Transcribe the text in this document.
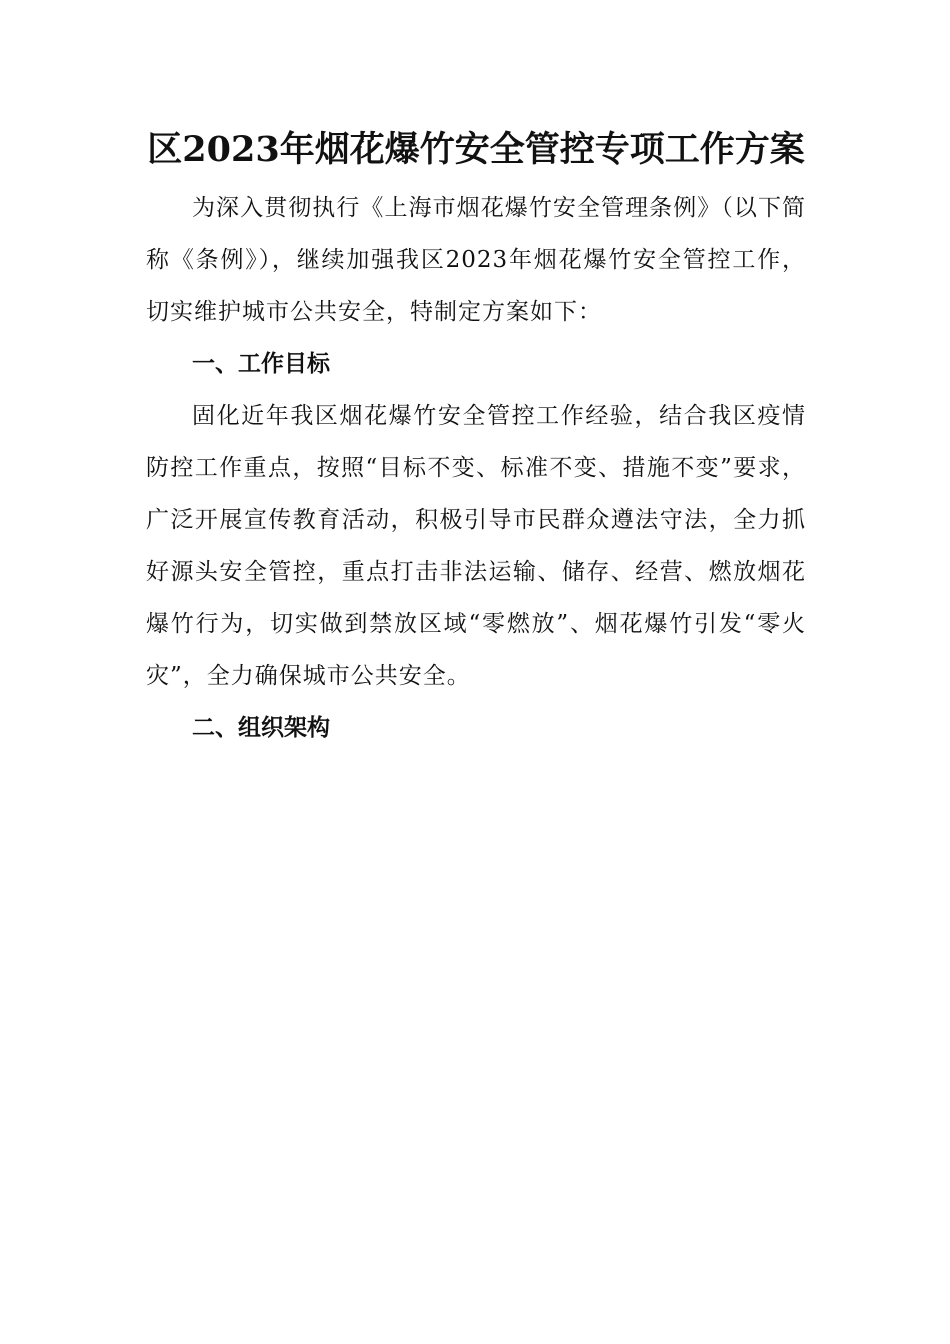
区2023年烟花爆竹安全管控专项工作方案

为深入贯彻执行《上海市烟花爆竹安全管理条例》（以下简称《条例》），继续加强我区2023年烟花爆竹安全管控工作，切实维护城市公共安全，特制定方案如下：

一、工作目标

固化近年我区烟花爆竹安全管控工作经验，结合我区疫情防控工作重点，按照“目标不变、标准不变、措施不变”要求，广泛开展宣传教育活动，积极引导市民群众遵法守法，全力抓好源头安全管控，重点打击非法运输、储存、经营、燃放烟花爆竹行为，切实做到禁放区域“零燃放”、烟花爆竹引发“零火灾”，全力确保城市公共安全。

二、组织架构
